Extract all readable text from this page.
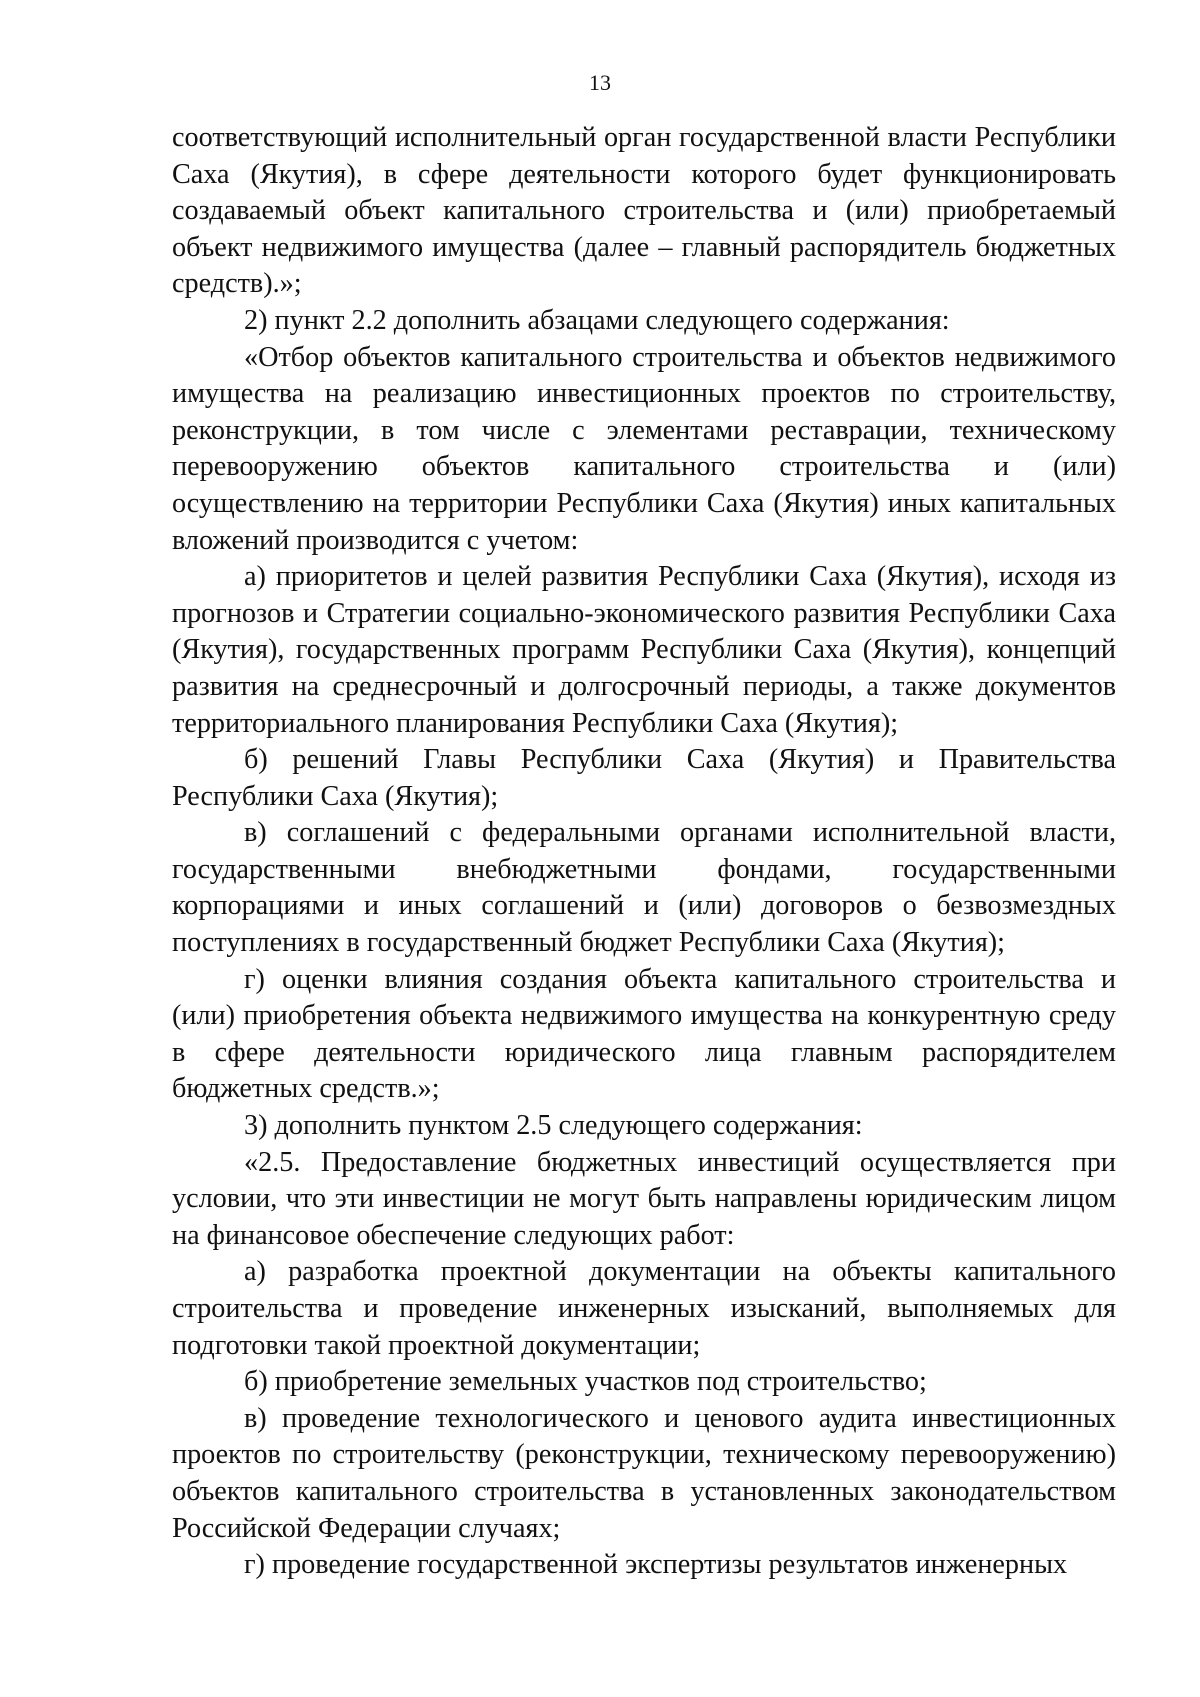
13

соответствующий исполнительный орган государственной власти Республики Саха (Якутия), в сфере деятельности которого будет функционировать создаваемый объект капитального строительства и (или) приобретаемый объект недвижимого имущества (далее – главный распорядитель бюджетных средств).»;

2) пункт 2.2 дополнить абзацами следующего содержания:

«Отбор объектов капитального строительства и объектов недвижимого имущества на реализацию инвестиционных проектов по строительству, реконструкции, в том числе с элементами реставрации, техническому перевооружению объектов капитального строительства и (или) осуществлению на территории Республики Саха (Якутия) иных капитальных вложений производится с учетом:

а) приоритетов и целей развития Республики Саха (Якутия), исходя из прогнозов и Стратегии социально-экономического развития Республики Саха (Якутия), государственных программ Республики Саха (Якутия), концепций развития на среднесрочный и долгосрочный периоды, а также документов территориального планирования Республики Саха (Якутия);

б) решений Главы Республики Саха (Якутия) и Правительства Республики Саха (Якутия);

в) соглашений с федеральными органами исполнительной власти, государственными внебюджетными фондами, государственными корпорациями и иных соглашений и (или) договоров о безвозмездных поступлениях в государственный бюджет Республики Саха (Якутия);

г) оценки влияния создания объекта капитального строительства и (или) приобретения объекта недвижимого имущества на конкурентную среду в сфере деятельности юридического лица главным распорядителем бюджетных средств.»;

3) дополнить пунктом 2.5 следующего содержания:

«2.5. Предоставление бюджетных инвестиций осуществляется при условии, что эти инвестиции не могут быть направлены юридическим лицом на финансовое обеспечение следующих работ:

а) разработка проектной документации на объекты капитального строительства и проведение инженерных изысканий, выполняемых для подготовки такой проектной документации;

б) приобретение земельных участков под строительство;

в) проведение технологического и ценового аудита инвестиционных проектов по строительству (реконструкции, техническому перевооружению) объектов капитального строительства в установленных законодательством Российской Федерации случаях;

г) проведение государственной экспертизы результатов инженерных
